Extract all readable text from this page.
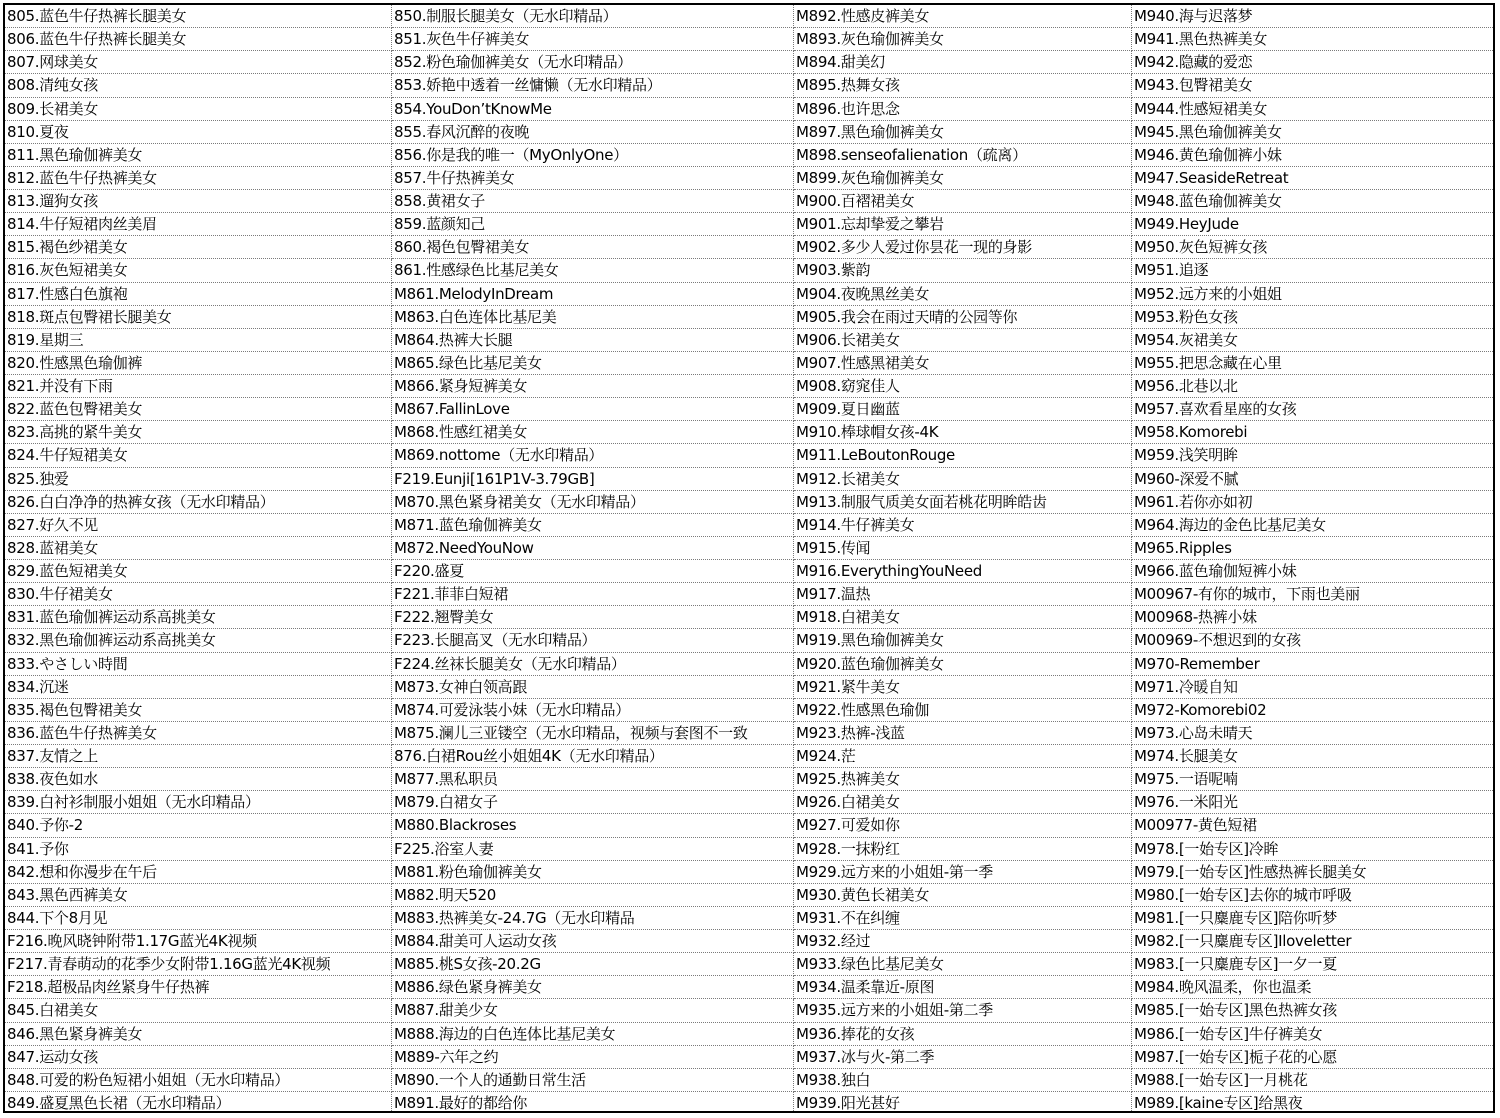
805.蓝色牛仔热裤长腿美女	850.制服长腿美女（无水印精品）	M892.性感皮裤美女	M940.海与迟落梦
806.蓝色牛仔热裤长腿美女	851.灰色牛仔裤美女	M893.灰色瑜伽裤美女	M941.黑色热裤美女
807.网球美女	852.粉色瑜伽裤美女（无水印精品）	M894.甜美幻	M942.隐藏的爱恋
808.清纯女孩	853.娇艳中透着一丝慵懒（无水印精品）	M895.热舞女孩	M943.包臀裙美女
809.长裙美女	854.YouDon’tKnowMe	M896.也许思念	M944.性感短裙美女
810.夏夜	855.春风沉醉的夜晚	M897.黑色瑜伽裤美女	M945.黑色瑜伽裤美女
811.黑色瑜伽裤美女	856.你是我的唯一（MyOnlyOne）	M898.senseofalienation（疏离）	M946.黄色瑜伽裤小妹
812.蓝色牛仔热裤美女	857.牛仔热裤美女	M899.灰色瑜伽裤美女	M947.SeasideRetreat
813.遛狗女孩	858.黄裙女子	M900.百褶裙美女	M948.蓝色瑜伽裤美女
814.牛仔短裙肉丝美眉	859.蓝颜知己	M901.忘却挚爱之攀岩	M949.HeyJude
815.褐色纱裙美女	860.褐色包臀裙美女	M902.多少人爱过你昙花一现的身影	M950.灰色短裤女孩
816.灰色短裙美女	861.性感绿色比基尼美女	M903.紫韵	M951.追逐
817.性感白色旗袍	M861.MelodyInDream	M904.夜晚黑丝美女	M952.远方来的小姐姐
818.斑点包臀裙长腿美女	M863.白色连体比基尼美	M905.我会在雨过天晴的公园等你	M953.粉色女孩
819.星期三	M864.热裤大长腿	M906.长裙美女	M954.灰裙美女
820.性感黑色瑜伽裤	M865.绿色比基尼美女	M907.性感黑裙美女	M955.把思念藏在心里
821.并没有下雨	M866.紧身短裤美女	M908.窈窕佳人	M956.北巷以北
822.蓝色包臀裙美女	M867.FallinLove	M909.夏日幽蓝	M957.喜欢看星座的女孩
823.高挑的紧牛美女	M868.性感红裙美女	M910.棒球帽女孩-4K	M958.Komorebi
824.牛仔短裙美女	M869.nottome（无水印精品）	M911.LeBoutonRouge	M959.浅笑明眸
825.独爱	F219.Eunji[161P1V-3.79GB]	M912.长裙美女	M960-深爱不腻
826.白白净净的热裤女孩（无水印精品）	M870.黑色紧身裙美女（无水印精品）	M913.制服气质美女面若桃花明眸皓齿	M961.若你亦如初
827.好久不见	M871.蓝色瑜伽裤美女	M914.牛仔裤美女	M964.海边的金色比基尼美女
828.蓝裙美女	M872.NeedYouNow	M915.传闻	M965.Ripples
829.蓝色短裙美女	F220.盛夏	M916.EverythingYouNeed	M966.蓝色瑜伽短裤小妹
830.牛仔裙美女	F221.菲菲白短裙	M917.温热	M00967-有你的城市，下雨也美丽
831.蓝色瑜伽裤运动系高挑美女	F222.翘臀美女	M918.白裙美女	M00968-热裤小妹
832.黑色瑜伽裤运动系高挑美女	F223.长腿高叉（无水印精品）	M919.黑色瑜伽裤美女	M00969-不想迟到的女孩
833.やさしい時間	F224.丝袜长腿美女（无水印精品）	M920.蓝色瑜伽裤美女	M970-Remember
834.沉迷	M873.女神白领高跟	M921.紧牛美女	M971.冷暖自知
835.褐色包臀裙美女	M874.可爱泳装小妹（无水印精品）	M922.性感黑色瑜伽	M972-Komorebi02
836.蓝色牛仔热裤美女	M875.澜儿三亚镂空（无水印精品，视频与套图不一致	M923.热裤-浅蓝	M973.心岛未晴天
837.友情之上	876.白裙Rou丝小姐姐4K（无水印精品）	M924.茫	M974.长腿美女
838.夜色如水	M877.黑私职员	M925.热裤美女	M975.一语呢喃
839.白衬衫制服小姐姐（无水印精品）	M879.白裙女子	M926.白裙美女	M976.一米阳光
840.予你-2	M880.Blackroses	M927.可爱如你	M00977-黄色短裙
841.予你	F225.浴室人妻	M928.一抹粉红	M978.[一始专区]冷眸
842.想和你漫步在午后	M881.粉色瑜伽裤美女	M929.远方来的小姐姐-第一季	M979.[一始专区]性感热裤长腿美女
843.黑色西裤美女	M882.明天520	M930.黄色长裙美女	M980.[一始专区]去你的城市呼吸
844.下个8月见	M883.热裤美女-24.7G（无水印精品	M931.不在纠缠	M981.[一只麋鹿专区]陪你听梦
F216.晚风晓钟附带1.17G蓝光4K视频	M884.甜美可人运动女孩	M932.经过	M982.[一只麋鹿专区]Iloveletter
F217.青春萌动的花季少女附带1.16G蓝光4K视频	M885.桃S女孩-20.2G	M933.绿色比基尼美女	M983.[一只麋鹿专区]一夕一夏
F218.超极品肉丝紧身牛仔热裤	M886.绿色紧身裤美女	M934.温柔靠近-原图	M984.晚风温柔，你也温柔
845.白裙美女	M887.甜美少女	M935.远方来的小姐姐-第二季	M985.[一始专区]黑色热裤女孩
846.黑色紧身裤美女	M888.海边的白色连体比基尼美女	M936.捧花的女孩	M986.[一始专区]牛仔裤美女
847.运动女孩	M889-六年之约	M937.冰与火-第二季	M987.[一始专区]栀子花的心愿
848.可爱的粉色短裙小姐姐（无水印精品）	M890.一个人的通勤日常生活	M938.独白	M988.[一始专区]一月桃花
849.盛夏黑色长裙（无水印精品）	M891.最好的都给你	M939.阳光甚好	M989.[kaine专区]给黑夜
